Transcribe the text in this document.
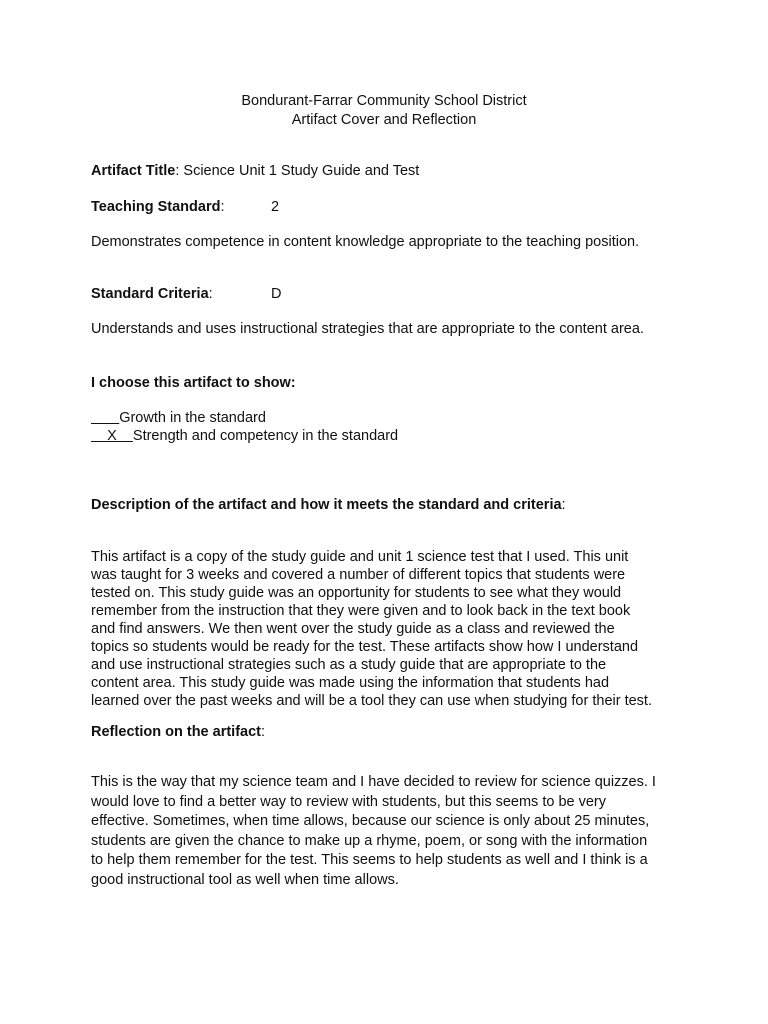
Bondurant-Farrar Community School District
Artifact Cover and Reflection
Artifact Title: Science Unit 1 Study Guide and Test
Teaching Standard:	2
Demonstrates competence in content knowledge appropriate to the teaching position.
Standard Criteria:	D
Understands and uses instructional strategies that are appropriate to the content area.
I choose this artifact to show:
Growth in the standard
X    Strength and competency in the standard
Description of the artifact and how it meets the standard and criteria:
This artifact is a copy of the study guide and unit 1 science test that I used. This unit
was taught for 3 weeks and covered a number of different topics that students were
tested on. This study guide was an opportunity for students to see what they would
remember from the instruction that they were given and to look back in the text book
and find answers. We then went over the study guide as a class and reviewed the
topics so students would be ready for the test. These artifacts show how I understand
and use instructional strategies such as a study guide that are appropriate to the
content area. This study guide was made using the information that students had
learned over the past weeks and will be a tool they can use when studying for their test.
Reflection on the artifact:
This is the way that my science team and I have decided to review for science quizzes. I
would love to find a better way to review with students, but this seems to be very
effective. Sometimes, when time allows, because our science is only about 25 minutes,
students are given the chance to make up a rhyme, poem, or song with the information
to help them remember for the test. This seems to help students as well and I think is a
good instructional tool as well when time allows.
